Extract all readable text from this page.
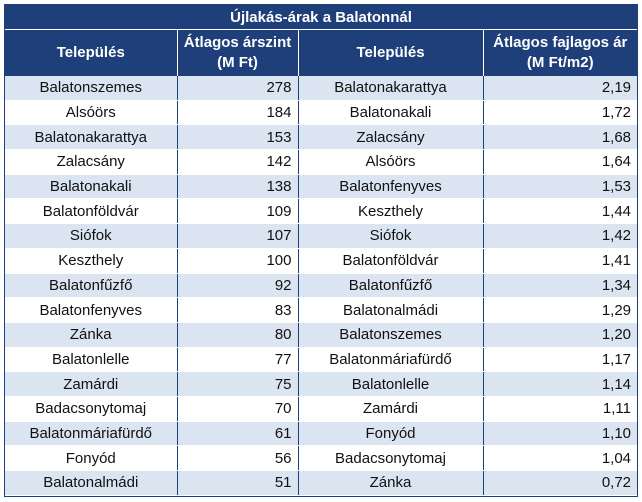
Újlakás-árak a Balatonnál			
Település	Átlagos árszint
(M Ft)	Település	Átlagos fajlagos ár
(M Ft/m2)
Balatonszemes	278	Balatonakarattya	2,19
Alsóörs	184	Balatonakali	1,72
Balatonakarattya	153	Zalacsány	1,68
Zalacsány	142	Alsóörs	1,64
Balatonakali	138	Balatonfenyves	1,53
Balatonföldvár	109	Keszthely	1,44
Siófok	107	Siófok	1,42
Keszthely	100	Balatonföldvár	1,41
Balatonfűzfő	92	Balatonfűzfő	1,34
Balatonfenyves	83	Balatonalmádi	1,29
Zánka	80	Balatonszemes	1,20
Balatonlelle	77	Balatonmáriafürdő	1,17
Zamárdi	75	Balatonlelle	1,14
Badacsonytomaj	70	Zamárdi	1,11
Balatonmáriafürdő	61	Fonyód	1,10
Fonyód	56	Badacsonytomaj	1,04
Balatonalmádi	51	Zánka	0,72
